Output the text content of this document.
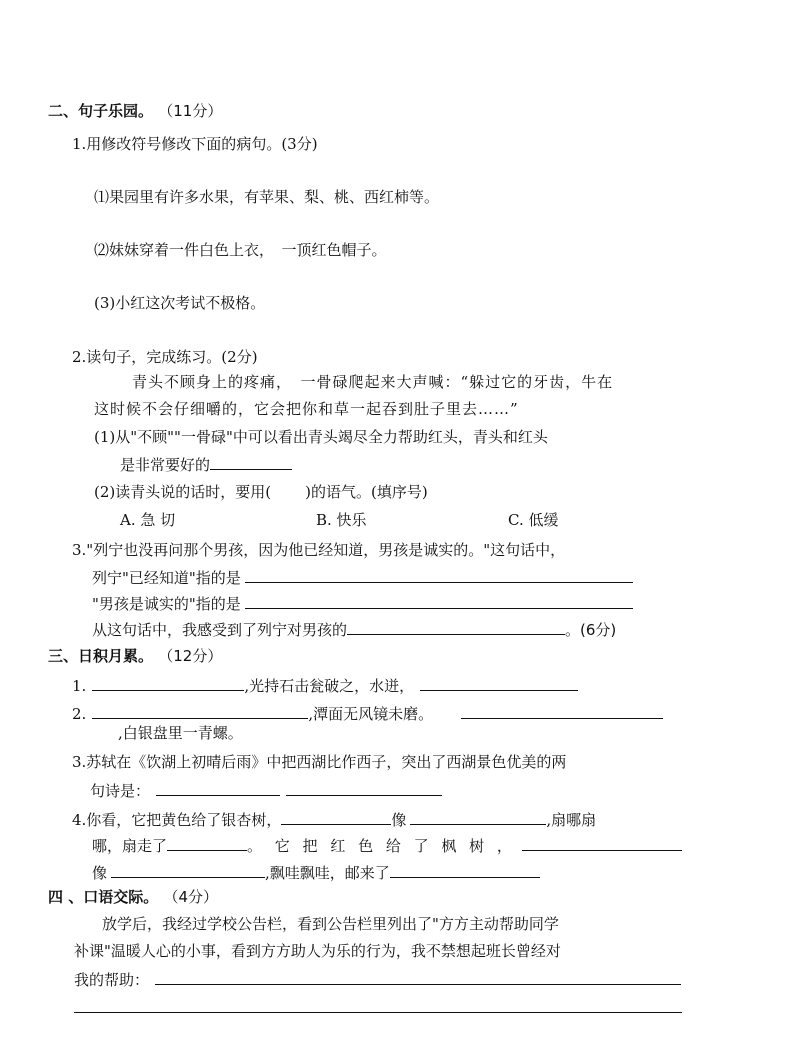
二、句子乐园。 （11分）
1.用修改符号修改下面的病句。(3分)
⑴果园里有许多水果，有苹果、梨、桃、西红柿等。
⑵妹妹穿着一件白色上衣，　一顶红色帽子。
(3)小红这次考试不极格。
2.读句子，完成练习。(2分)
青头不顾身上的疼痛，　一骨碌爬起来大声喊：“躲过它的牙齿，牛在
这时候不会仔细嚼的，它会把你和草一起吞到肚子里去……”
(1)从"不顾""一骨碌"中可以看出青头竭尽全力帮助红头，青头和红头
是非常要好的
(2)读青头说的话时，要用( )的语气。(填序号)
A. 急 切	B. 快乐	C. 低缓
3."列宁也没再问那个男孩，因为他已经知道，男孩是诚实的。"这句话中，
列宁"已经知道"指的是
"男孩是诚实的"指的是
从这句话中，我感受到了列宁对男孩的	。(6分)
三、日积月累。 （12分）
1.	,光持石击瓮破之，水迸，
2.	,潭面无风镜未磨。
,白银盘里一青螺。
3.苏轼在《饮湖上初晴后雨》中把西湖比作西子，突出了西湖景色优美的两
句诗是：
4.你看，它把黄色给了银杏树，	像	,扇哪扇
哪，扇走了	。 它 把 红 色 给 了 枫 树 ，
像	,飘哇飘哇，邮来了
四 、口语交际。 （4分）
放学后，我经过学校公告栏，看到公告栏里列出了"方方主动帮助同学
补课"温暖人心的小事，看到方方助人为乐的行为，我不禁想起班长曾经对
我的帮助：
